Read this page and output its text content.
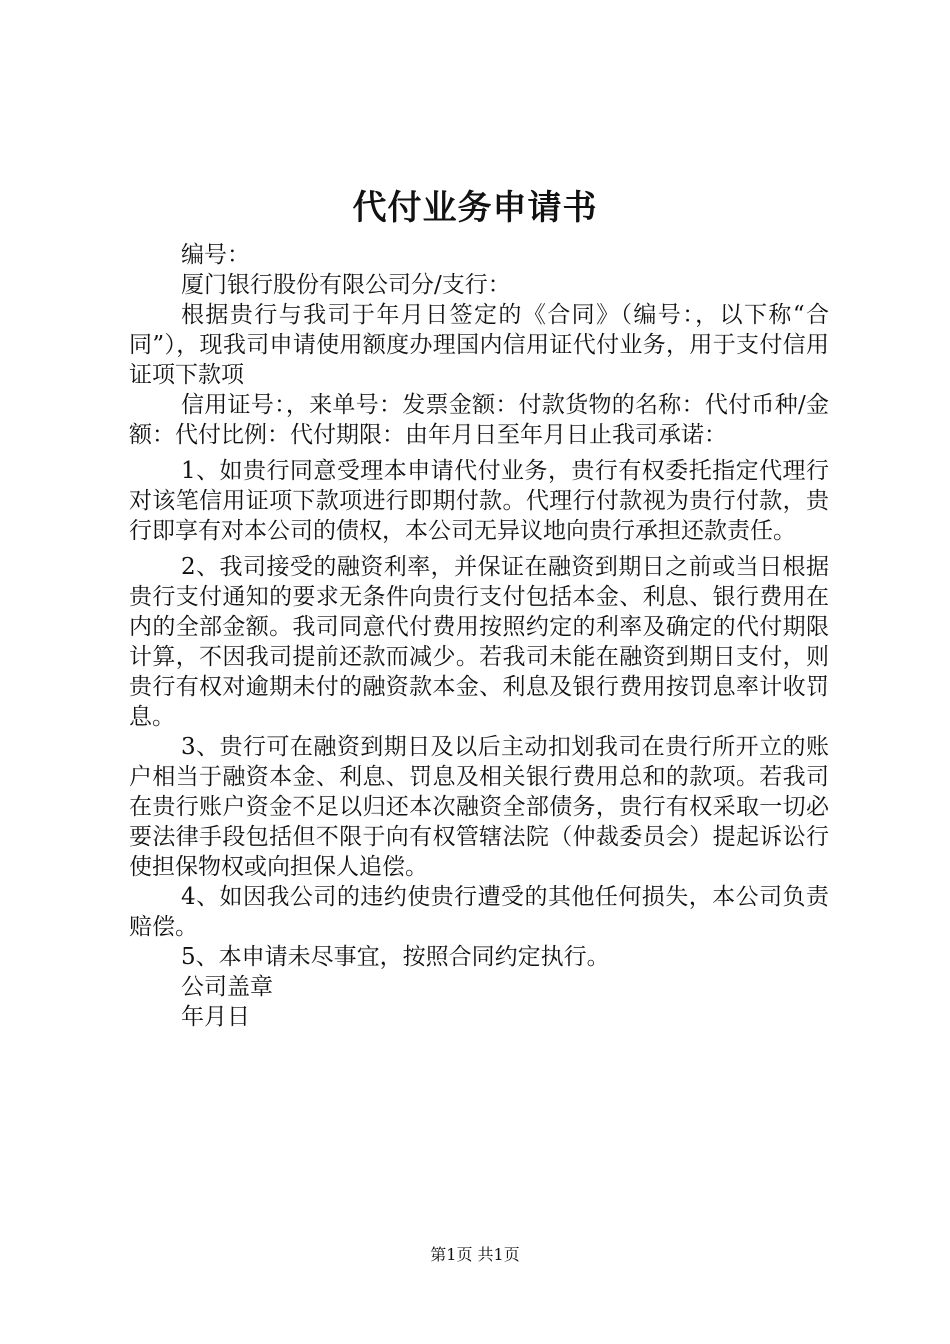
代付业务申请书

编号：

厦门银行股份有限公司分/支行：

根据贵行与我司于年月日签定的《合同》（编号：，以下称“合同”），现我司申请使用额度办理国内信用证代付业务，用于支付信用证项下款项

信用证号：，来单号：发票金额：付款货物的名称：代付币种/金额：代付比例：代付期限：由年月日至年月日止我司承诺：

1、如贵行同意受理本申请代付业务，贵行有权委托指定代理行对该笔信用证项下款项进行即期付款。代理行付款视为贵行付款，贵行即享有对本公司的债权，本公司无异议地向贵行承担还款责任。

2、我司接受的融资利率，并保证在融资到期日之前或当日根据贵行支付通知的要求无条件向贵行支付包括本金、利息、银行费用在内的全部金额。我司同意代付费用按照约定的利率及确定的代付期限计算，不因我司提前还款而减少。若我司未能在融资到期日支付，则贵行有权对逾期未付的融资款本金、利息及银行费用按罚息率计收罚息。

3、贵行可在融资到期日及以后主动扣划我司在贵行所开立的账户相当于融资本金、利息、罚息及相关银行费用总和的款项。若我司在贵行账户资金不足以归还本次融资全部债务，贵行有权采取一切必要法律手段包括但不限于向有权管辖法院（仲裁委员会）提起诉讼行使担保物权或向担保人追偿。

4、如因我公司的违约使贵行遭受的其他任何损失，本公司负责赔偿。

5、本申请未尽事宜，按照合同约定执行。

公司盖章

年月日

第1页 共1页
